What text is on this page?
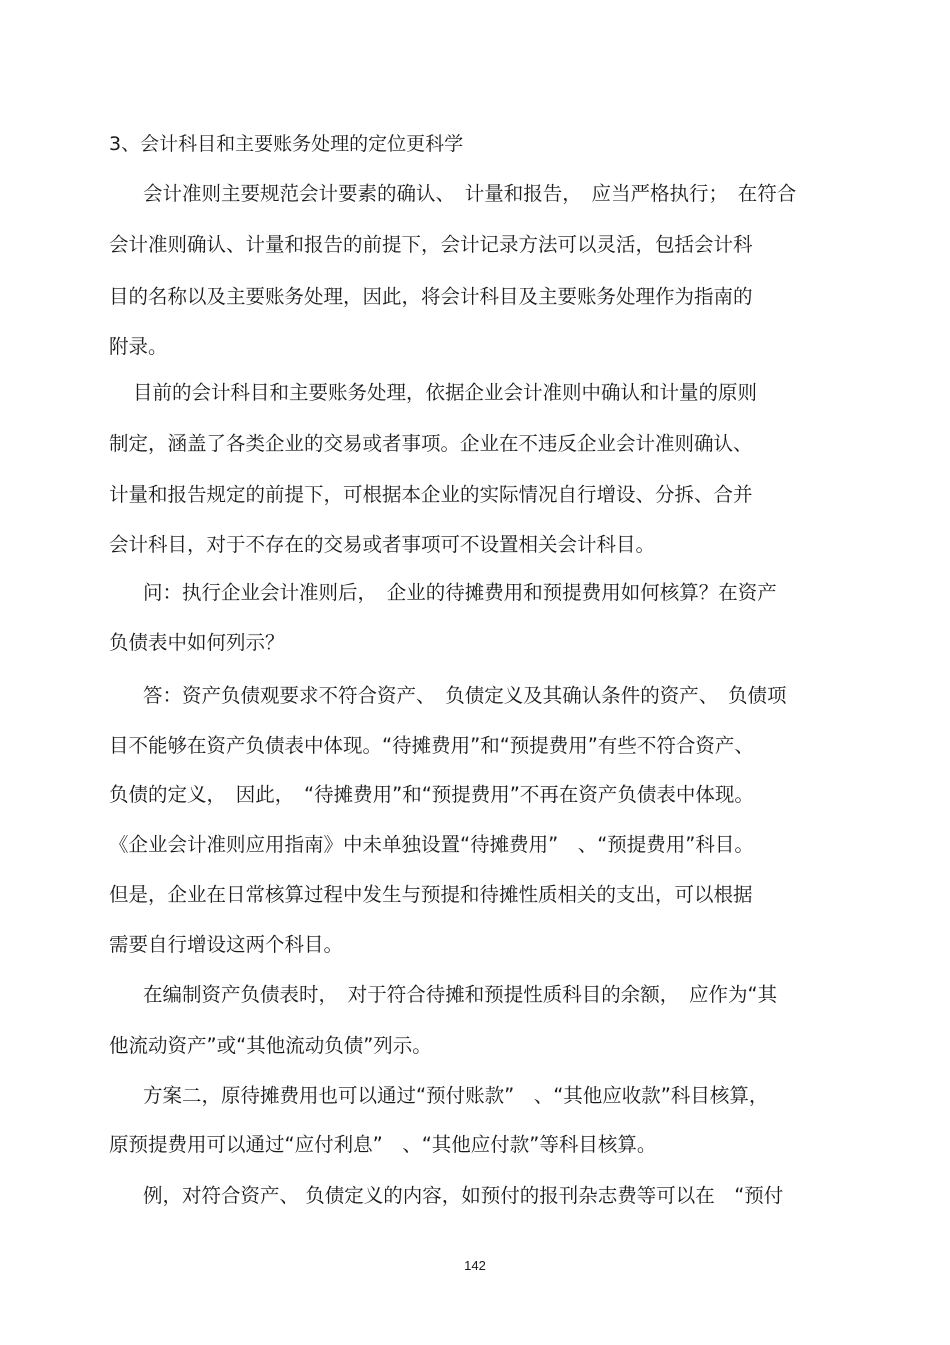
3、会计科目和主要账务处理的定位更科学
会计准则主要规范会计要素的确认、　计量和报告，　应当严格执行；　在符合
会计准则确认、计量和报告的前提下，会计记录方法可以灵活，包括会计科
目的名称以及主要账务处理，因此，将会计科目及主要账务处理作为指南的
附录。
目前的会计科目和主要账务处理，依据企业会计准则中确认和计量的原则
制定，涵盖了各类企业的交易或者事项。企业在不违反企业会计准则确认、
计量和报告规定的前提下，可根据本企业的实际情况自行增设、分拆、合并
会计科目，对于不存在的交易或者事项可不设置相关会计科目。
问：执行企业会计准则后，　企业的待摊费用和预提费用如何核算？在资产
负债表中如何列示？
答：资产负债观要求不符合资产、　负债定义及其确认条件的资产、　负债项
目不能够在资产负债表中体现。“待摊费用”和“预提费用”有些不符合资产、
负债的定义，　因此，　“待摊费用”和“预提费用”不再在资产负债表中体现。
《企业会计准则应用指南》中未单独设置“待摊费用”　、“预提费用”科目。
但是，企业在日常核算过程中发生与预提和待摊性质相关的支出，可以根据
需要自行增设这两个科目。
在编制资产负债表时，　对于符合待摊和预提性质科目的余额，　应作为“其
他流动资产”或“其他流动负债”列示。
方案二，原待摊费用也可以通过“预付账款”　、“其他应收款”科目核算，
原预提费用可以通过“应付利息”　、“其他应付款”等科目核算。
例，对符合资产、 负债定义的内容，如预付的报刊杂志费等可以在　“预付
142
